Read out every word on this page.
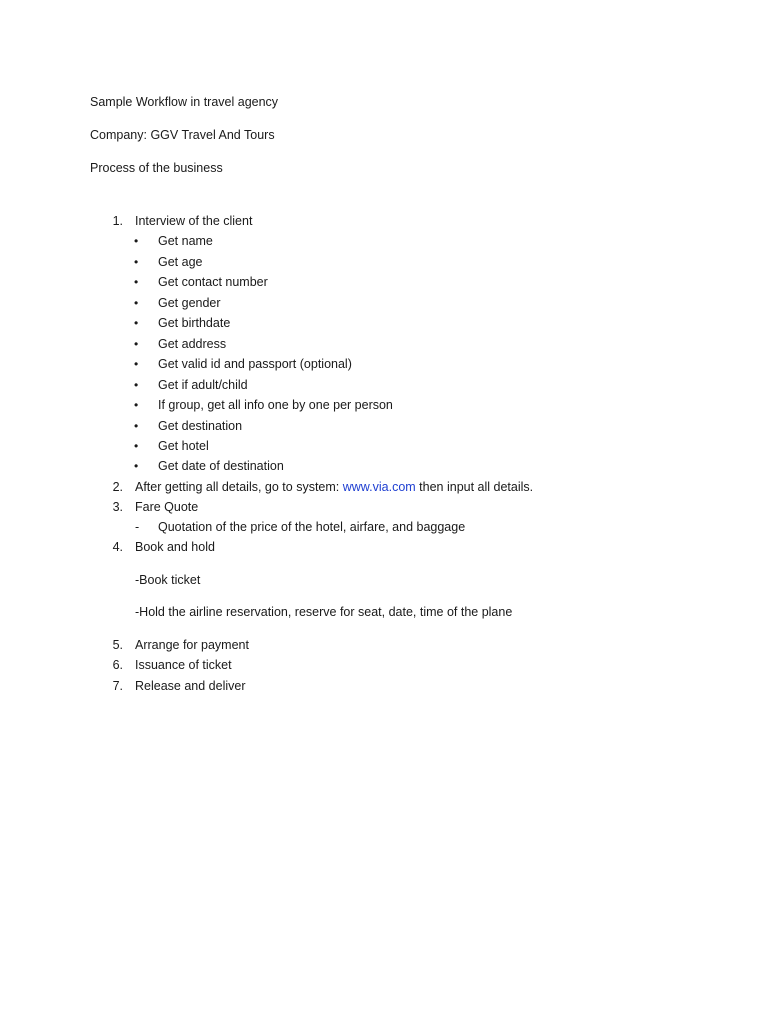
Sample Workflow in travel agency
Company: GGV Travel And Tours
Process of the business
1. Interview of the client
• Get name
• Get age
• Get contact number
• Get gender
• Get birthdate
• Get address
• Get valid id and passport (optional)
• Get if adult/child
• If group, get all info one by one per person
• Get destination
• Get hotel
• Get date of destination
2. After getting all details, go to system: www.via.com then input all details.
3. Fare Quote
- Quotation of the price of the hotel, airfare, and baggage
4. Book and hold
-Book ticket
-Hold the airline reservation, reserve for seat, date, time of the plane
5. Arrange for payment
6. Issuance of ticket
7. Release and deliver
